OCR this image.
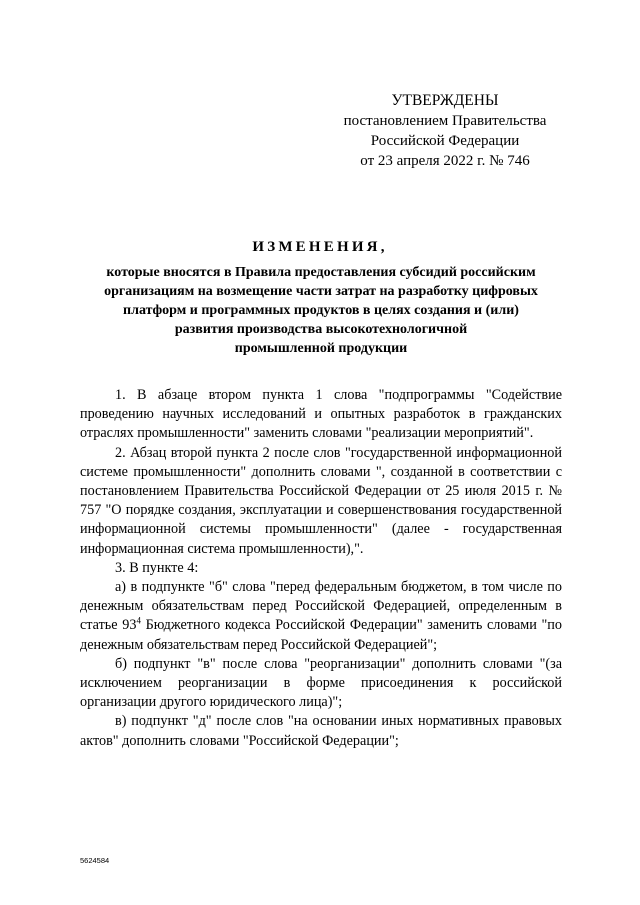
УТВЕРЖДЕНЫ
постановлением Правительства
Российской Федерации
от 23 апреля 2022 г. № 746
ИЗМЕНЕНИЯ,
которые вносятся в Правила предоставления субсидий российским
организациям на возмещение части затрат на разработку цифровых
платформ и программных продуктов в целях создания и (или)
развития производства высокотехнологичной
промышленной продукции

1. В абзаце втором пункта 1 слова "подпрограммы "Содействие проведению научных исследований и опытных разработок в гражданских отраслях промышленности" заменить словами "реализации мероприятий".

2. Абзац второй пункта 2 после слов "государственной информационной системе промышленности" дополнить словами ", созданной в соответствии с постановлением Правительства Российской Федерации от 25 июля 2015 г. № 757 "О порядке создания, эксплуатации и совершенствования государственной информационной системы промышленности" (далее - государственная информационная система промышленности),".

3. В пункте 4:

а) в подпункте "б" слова "перед федеральным бюджетом, в том числе по денежным обязательствам перед Российской Федерацией, определенным в статье $93^4$ Бюджетного кодекса Российской Федерации" заменить словами "по денежным обязательствам перед Российской Федерацией";

б) подпункт "в" после слова "реорганизации" дополнить словами "(за исключением реорганизации в форме присоединения к российской организации другого юридического лица)";

в) подпункт "д" после слов "на основании иных нормативных правовых актов" дополнить словами "Российской Федерации";

5624584
